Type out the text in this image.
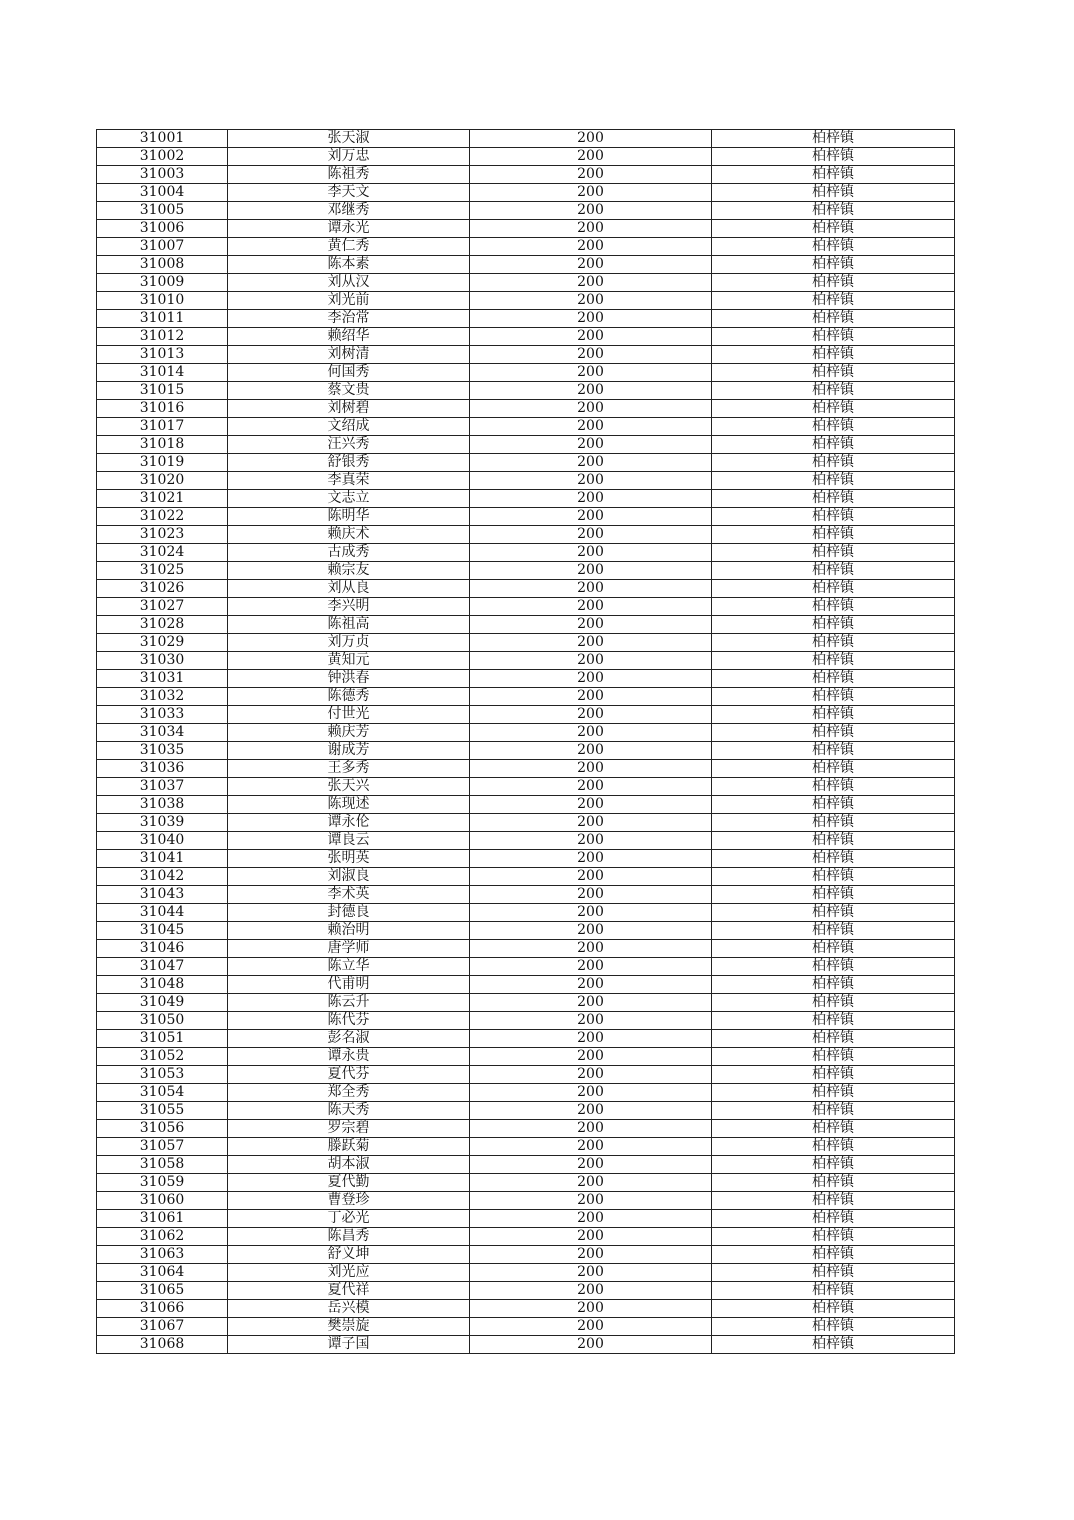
31001	张天淑	200	柏梓镇
31002	刘万忠	200	柏梓镇
31003	陈祖秀	200	柏梓镇
31004	李天文	200	柏梓镇
31005	邓继秀	200	柏梓镇
31006	谭永光	200	柏梓镇
31007	黄仁秀	200	柏梓镇
31008	陈本素	200	柏梓镇
31009	刘从汉	200	柏梓镇
31010	刘光前	200	柏梓镇
31011	李治常	200	柏梓镇
31012	赖绍华	200	柏梓镇
31013	刘树清	200	柏梓镇
31014	何国秀	200	柏梓镇
31015	蔡文贵	200	柏梓镇
31016	刘树碧	200	柏梓镇
31017	文绍成	200	柏梓镇
31018	汪兴秀	200	柏梓镇
31019	舒银秀	200	柏梓镇
31020	李真荣	200	柏梓镇
31021	文志立	200	柏梓镇
31022	陈明华	200	柏梓镇
31023	赖庆术	200	柏梓镇
31024	古成秀	200	柏梓镇
31025	赖宗友	200	柏梓镇
31026	刘从良	200	柏梓镇
31027	李兴明	200	柏梓镇
31028	陈祖高	200	柏梓镇
31029	刘万贞	200	柏梓镇
31030	黄知元	200	柏梓镇
31031	钟洪春	200	柏梓镇
31032	陈德秀	200	柏梓镇
31033	付世光	200	柏梓镇
31034	赖庆芳	200	柏梓镇
31035	谢成芳	200	柏梓镇
31036	王多秀	200	柏梓镇
31037	张天兴	200	柏梓镇
31038	陈现述	200	柏梓镇
31039	谭永伦	200	柏梓镇
31040	谭良云	200	柏梓镇
31041	张明英	200	柏梓镇
31042	刘淑良	200	柏梓镇
31043	李术英	200	柏梓镇
31044	封德良	200	柏梓镇
31045	赖治明	200	柏梓镇
31046	唐学师	200	柏梓镇
31047	陈立华	200	柏梓镇
31048	代甫明	200	柏梓镇
31049	陈云升	200	柏梓镇
31050	陈代芬	200	柏梓镇
31051	彭名淑	200	柏梓镇
31052	谭永贵	200	柏梓镇
31053	夏代芬	200	柏梓镇
31054	郑全秀	200	柏梓镇
31055	陈天秀	200	柏梓镇
31056	罗宗碧	200	柏梓镇
31057	滕跃菊	200	柏梓镇
31058	胡本淑	200	柏梓镇
31059	夏代勤	200	柏梓镇
31060	曹登珍	200	柏梓镇
31061	丁必光	200	柏梓镇
31062	陈昌秀	200	柏梓镇
31063	舒义坤	200	柏梓镇
31064	刘光应	200	柏梓镇
31065	夏代祥	200	柏梓镇
31066	岳兴模	200	柏梓镇
31067	樊崇旋	200	柏梓镇
31068	谭子国	200	柏梓镇
